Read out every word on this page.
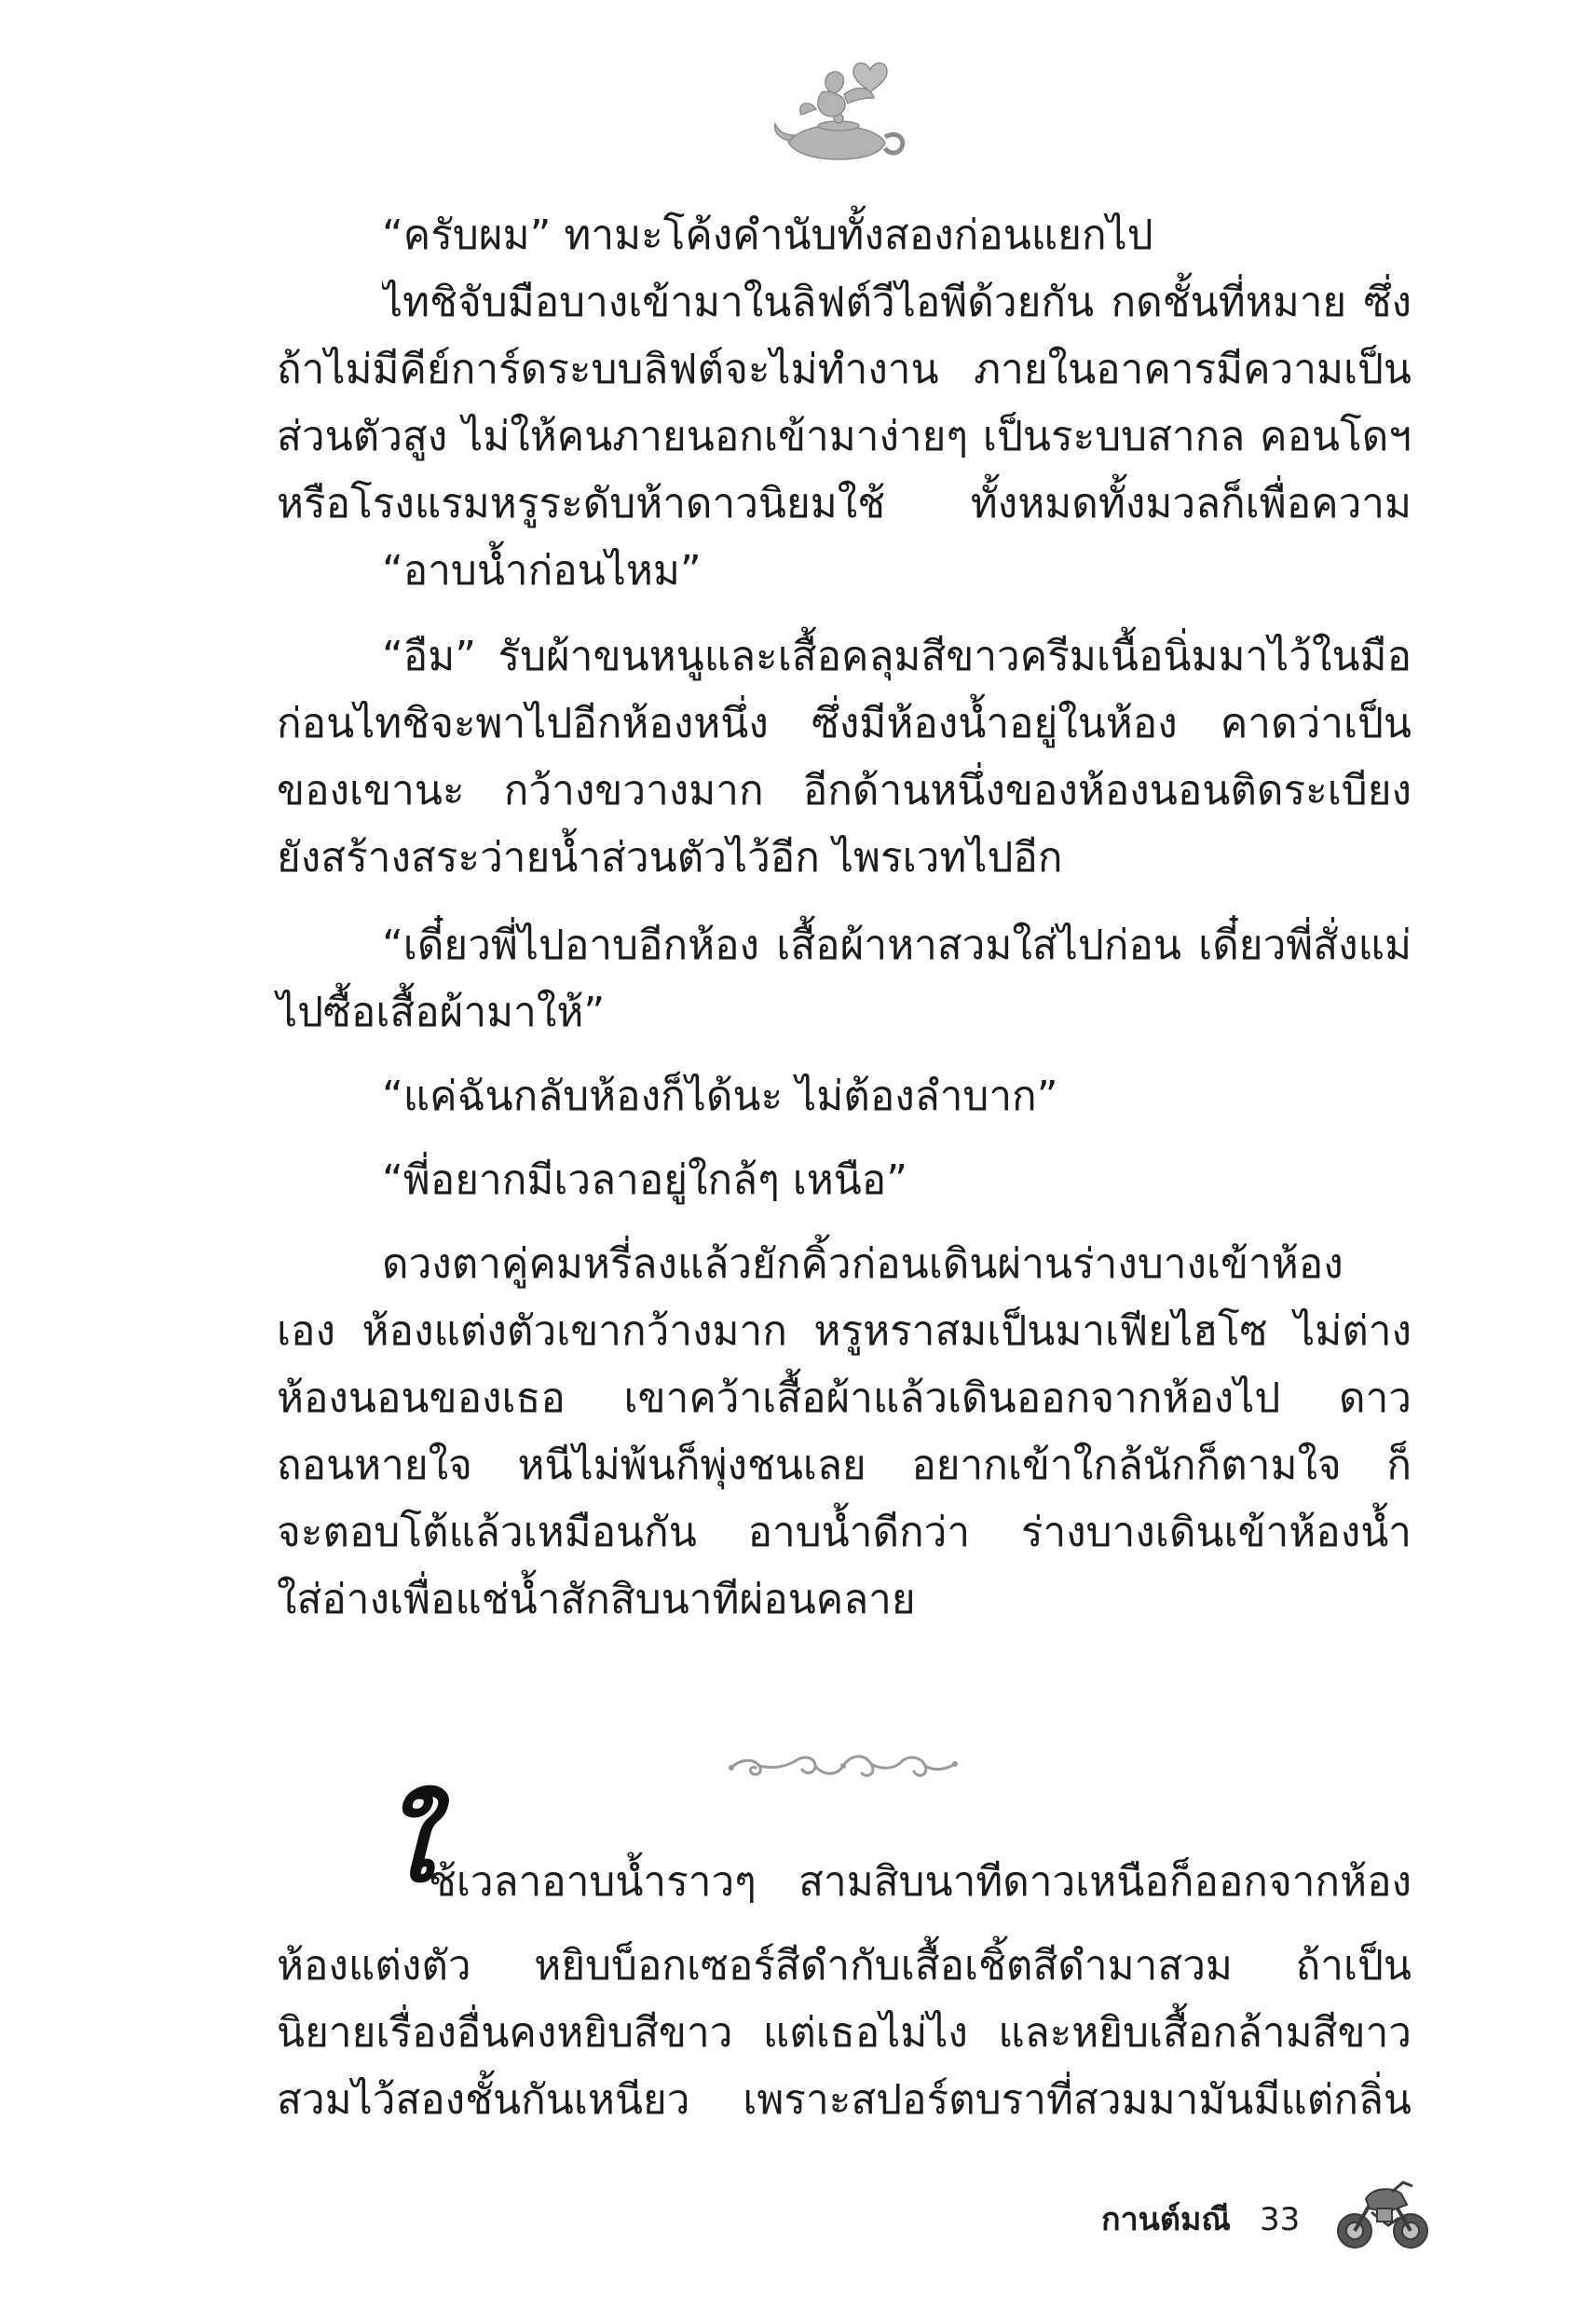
“ครับผม” ทามะโค้งคำนับทั้งสองก่อนแยกไป
ไทชิจับมือบางเข้ามาในลิฟต์วีไอพีด้วยกัน กดชั้นที่หมาย ซึ่ง
ถ้าไม่มีคีย์การ์ดระบบลิฟต์จะไม่ทำงาน ภายในอาคารมีความเป็น
ส่วนตัวสูง ไม่ให้คนภายนอกเข้ามาง่ายๆ เป็นระบบสากล คอนโดฯ
หรือโรงแรมหรูระดับห้าดาวนิยมใช้ ทั้งหมดทั้งมวลก็เพื่อความ
“อาบน้ำก่อนไหม”
“อืม” รับผ้าขนหนูและเสื้อคลุมสีขาวครีมเนื้อนิ่มมาไว้ในมือ
ก่อนไทชิจะพาไปอีกห้องหนึ่ง ซึ่งมีห้องน้ำอยู่ในห้อง คาดว่าเป็น
ของเขานะ กว้างขวางมาก อีกด้านหนึ่งของห้องนอนติดระเบียง
ยังสร้างสระว่ายน้ำส่วนตัวไว้อีก ไพรเวทไปอีก
“เดี๋ยวพี่ไปอาบอีกห้อง เสื้อผ้าหาสวมใส่ไปก่อน เดี๋ยวพี่สั่งแม่
ไปซื้อเสื้อผ้ามาให้”
“แค่ฉันกลับห้องก็ได้นะ ไม่ต้องลำบาก”
“พี่อยากมีเวลาอยู่ใกล้ๆ เหนือ”
ดวงตาคู่คมหรี่ลงแล้วยักคิ้วก่อนเดินผ่านร่างบางเข้าห้อง
เอง ห้องแต่งตัวเขากว้างมาก หรูหราสมเป็นมาเฟียไฮโซ ไม่ต่าง
ห้องนอนของเธอ เขาคว้าเสื้อผ้าแล้วเดินออกจากห้องไป ดาว
ถอนหายใจ หนีไม่พ้นก็พุ่งชนเลย อยากเข้าใกล้นักก็ตามใจ ก็
จะตอบโต้แล้วเหมือนกัน อาบน้ำดีกว่า ร่างบางเดินเข้าห้องน้ำ
ใส่อ่างเพื่อแช่น้ำสักสิบนาทีผ่อนคลาย
ใ
ช้เวลาอาบน้ำราวๆ สามสิบนาทีดาวเหนือก็ออกจากห้อง
ห้องแต่งตัว หยิบบ็อกเซอร์สีดำกับเสื้อเชิ้ตสีดำมาสวม ถ้าเป็น
นิยายเรื่องอื่นคงหยิบสีขาว แต่เธอไม่ไง และหยิบเสื้อกล้ามสีขาว
สวมไว้สองชั้นกันเหนียว เพราะสปอร์ตบราที่สวมมามันมีแต่กลิ่น
กานต์มณี 33
